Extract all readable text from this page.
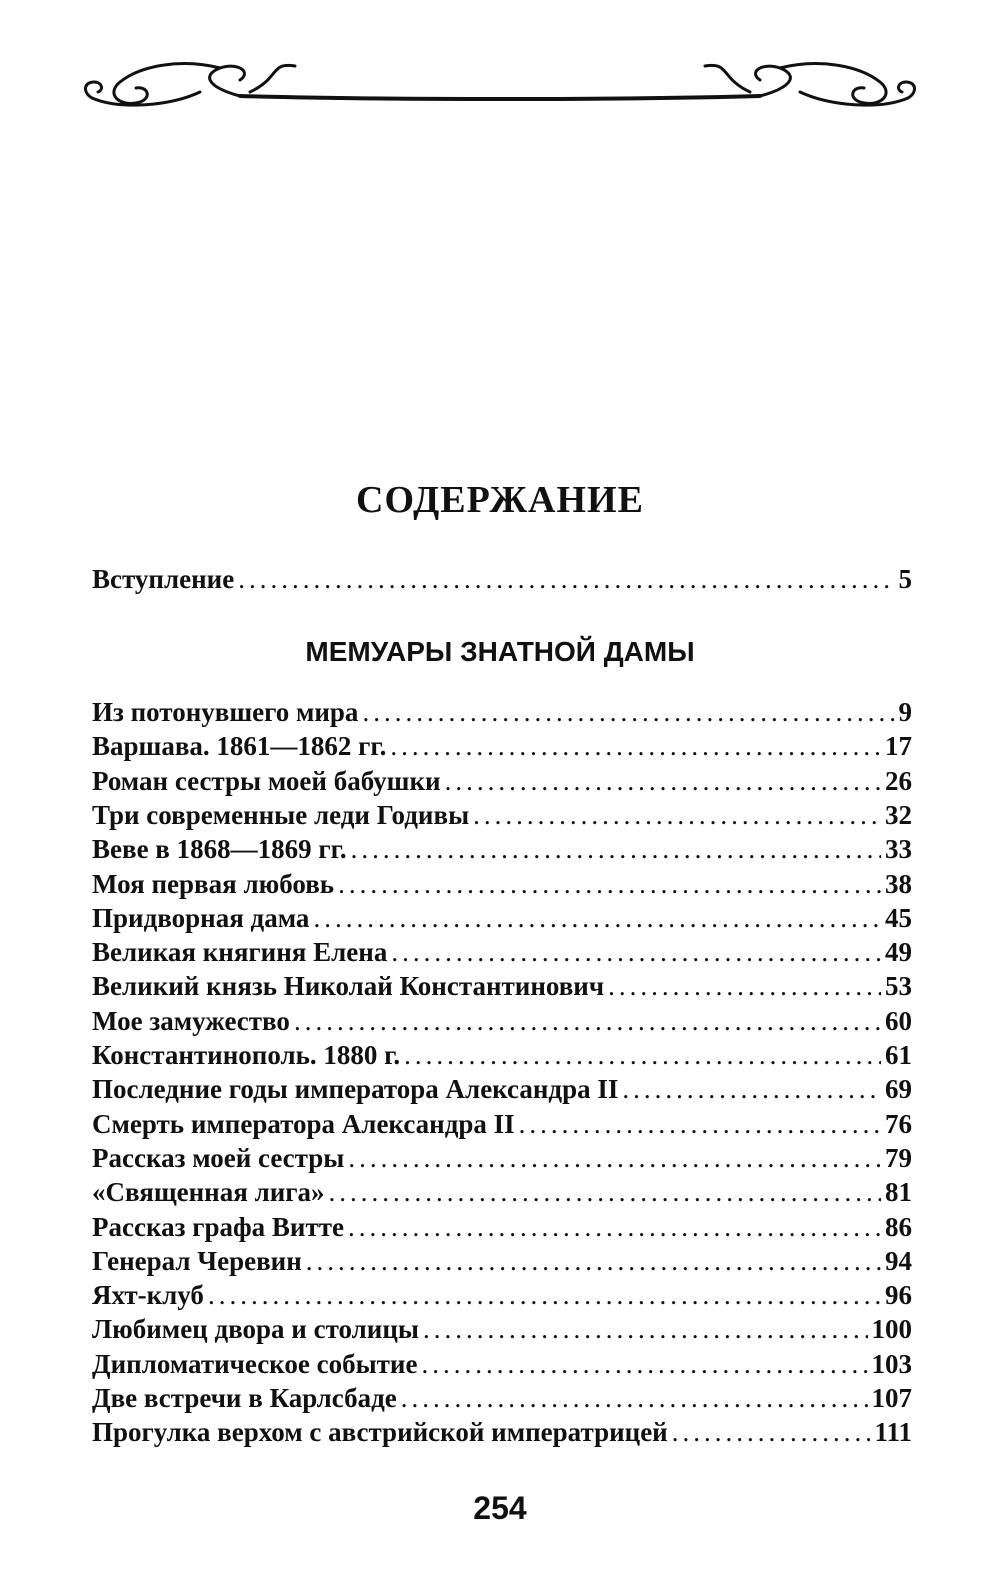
СОДЕРЖАНИЕ
Вступление .....	5
МЕМУАРЫ ЗНАТНОЙ ДАМЫ
Из потонувшего мира .....	9
Варшава. 1861—1862 гг. .....	17
Роман сестры моей бабушки .....	26
Три современные леди Годивы .....	32
Веве в 1868—1869 гг. .....	33
Моя первая любовь .....	38
Придворная дама .....	45
Великая княгиня Елена .....	49
Великий князь Николай Константинович .....	53
Мое замужество .....	60
Константинополь. 1880 г. .....	61
Последние годы императора Александра II .....	69
Смерть императора Александра II .....	76
Рассказ моей сестры .....	79
«Священная лига» .....	81
Рассказ графа Витте .....	86
Генерал Черевин .....	94
Яхт-клуб .....	96
Любимец двора и столицы .....	100
Дипломатическое событие .....	103
Две встречи в Карлсбаде .....	107
Прогулка верхом с австрийской императрицей .....	111
254
